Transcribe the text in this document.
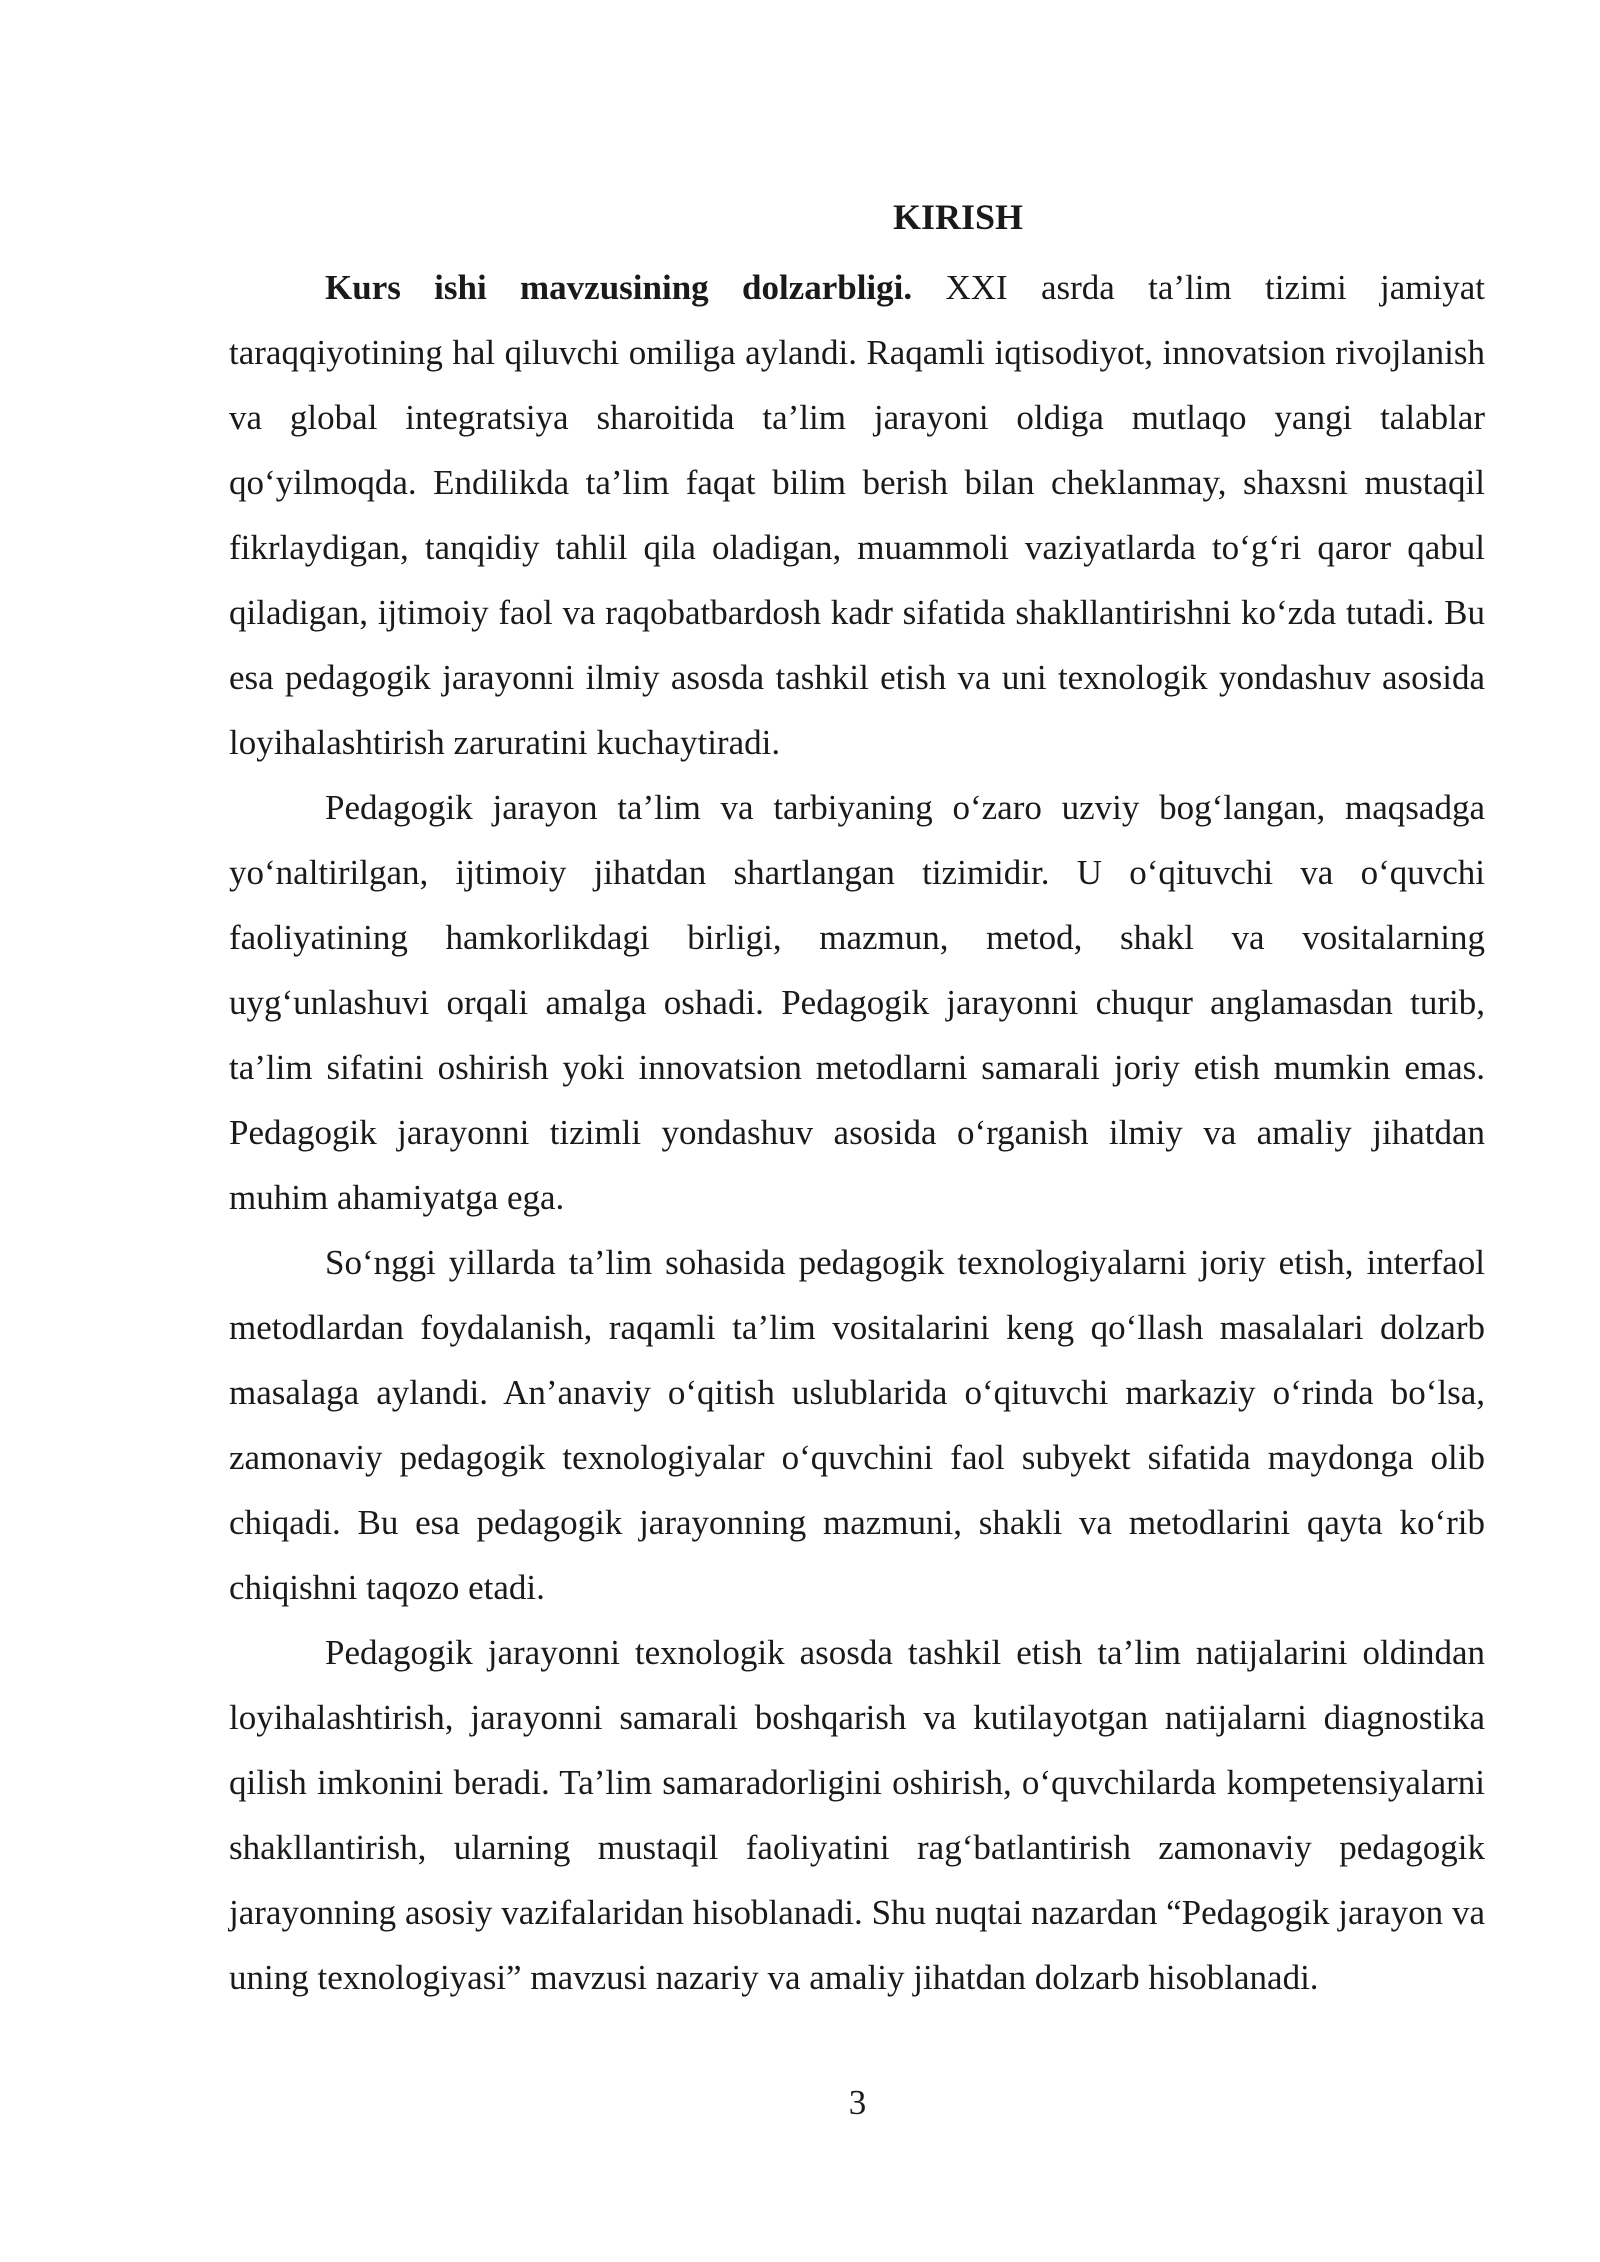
KIRISH

Kurs ishi mavzusining dolzarbligi. XXI asrda ta’lim tizimi jamiyat taraqqiyotining hal qiluvchi omiliga aylandi. Raqamli iqtisodiyot, innovatsion rivojlanish va global integratsiya sharoitida ta’lim jarayoni oldiga mutlaqo yangi talablar qo‘yilmoqda. Endilikda ta’lim faqat bilim berish bilan cheklanmay, shaxsni mustaqil fikrlaydigan, tanqidiy tahlil qila oladigan, muammoli vaziyatlarda to‘g‘ri qaror qabul qiladigan, ijtimoiy faol va raqobatbardosh kadr sifatida shakllantirishni ko‘zda tutadi. Bu esa pedagogik jarayonni ilmiy asosda tashkil etish va uni texnologik yondashuv asosida loyihalashtirish zaruratini kuchaytiradi.

Pedagogik jarayon ta’lim va tarbiyaning o‘zaro uzviy bog‘langan, maqsadga yo‘naltirilgan, ijtimoiy jihatdan shartlangan tizimidir. U o‘qituvchi va o‘quvchi faoliyatining hamkorlikdagi birligi, mazmun, metod, shakl va vositalarning uyg‘unlashuvi orqali amalga oshadi. Pedagogik jarayonni chuqur anglamasdan turib, ta’lim sifatini oshirish yoki innovatsion metodlarni samarali joriy etish mumkin emas. Pedagogik jarayonni tizimli yondashuv asosida o‘rganish ilmiy va amaliy jihatdan muhim ahamiyatga ega.

So‘nggi yillarda ta’lim sohasida pedagogik texnologiyalarni joriy etish, interfaol metodlardan foydalanish, raqamli ta’lim vositalarini keng qo‘llash masalalari dolzarb masalaga aylandi. An’anaviy o‘qitish uslublarida o‘qituvchi markaziy o‘rinda bo‘lsa, zamonaviy pedagogik texnologiyalar o‘quvchini faol subyekt sifatida maydonga olib chiqadi. Bu esa pedagogik jarayonning mazmuni, shakli va metodlarini qayta ko‘rib chiqishni taqozo etadi.

Pedagogik jarayonni texnologik asosda tashkil etish ta’lim natijalarini oldindan loyihalashtirish, jarayonni samarali boshqarish va kutilayotgan natijalarni diagnostika qilish imkonini beradi. Ta’lim samaradorligini oshirish, o‘quvchilarda kompetensiyalarni shakllantirish, ularning mustaqil faoliyatini rag‘batlantirish zamonaviy pedagogik jarayonning asosiy vazifalaridan hisoblanadi. Shu nuqtai nazardan “Pedagogik jarayon va uning texnologiyasi” mavzusi nazariy va amaliy jihatdan dolzarb hisoblanadi.

3
